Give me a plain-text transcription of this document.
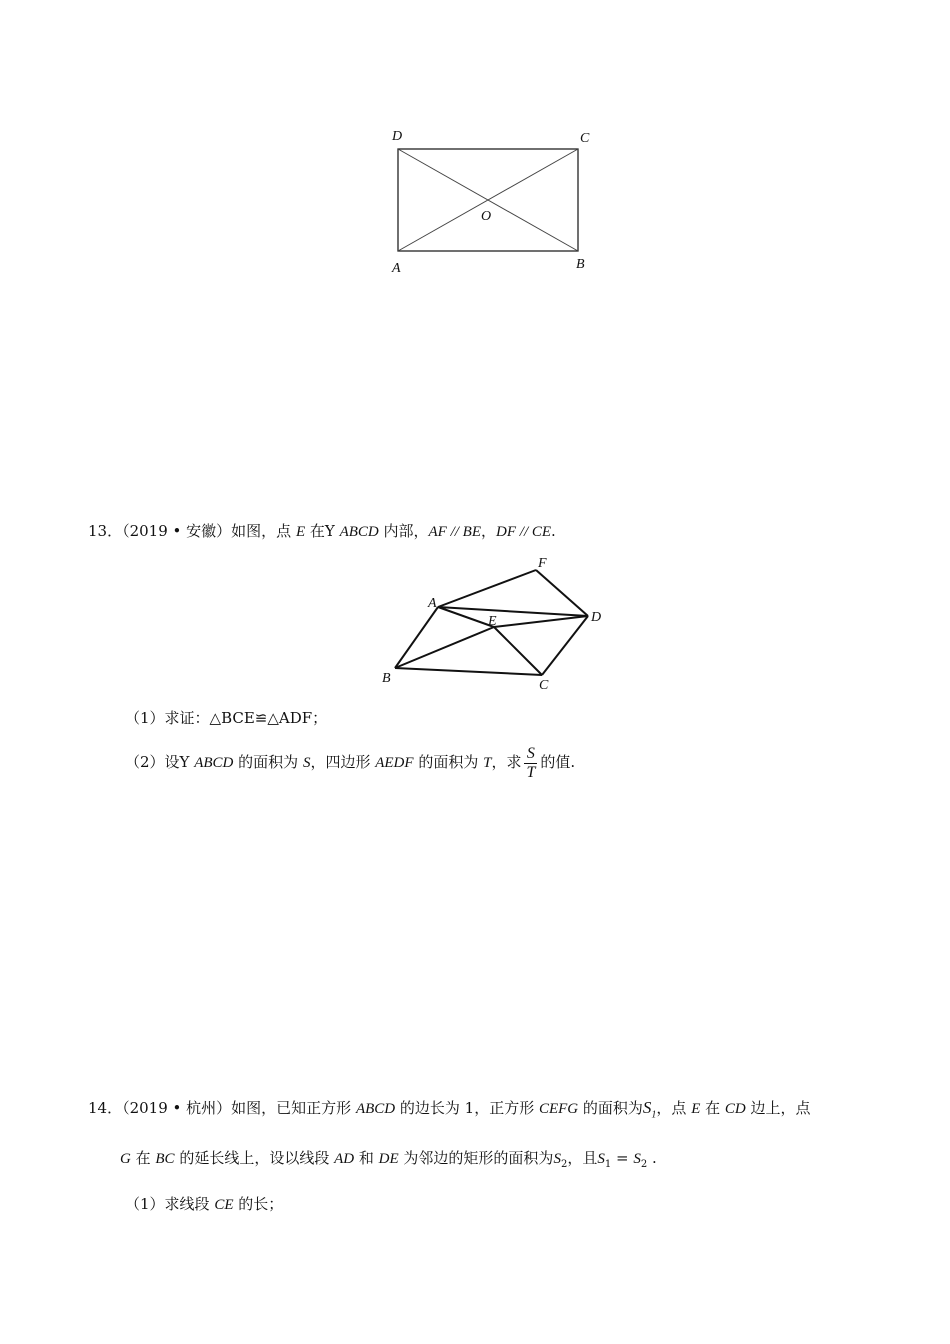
D	C
O
A	B
13．（2019 • 安徽）如图，点 E 在Y ABCD 内部，AF // BE，DF // CE.
F
A
E	D
B	C
（1）求证：△BCE≌△ADF；
（2）设Y ABCD 的面积为 S，四边形 AEDF 的面积为 T，求 $\frac{S}{T}$ 的值.
14．（2019 • 杭州）如图，已知正方形 ABCD 的边长为 1，正方形 CEFG 的面积为$S_1$，点 E 在 CD 边上，点
G 在 BC 的延长线上，设以线段 AD 和 DE 为邻边的矩形的面积为$S_2$，且$S_1 = S_2$ .
（1）求线段 CE 的长；
